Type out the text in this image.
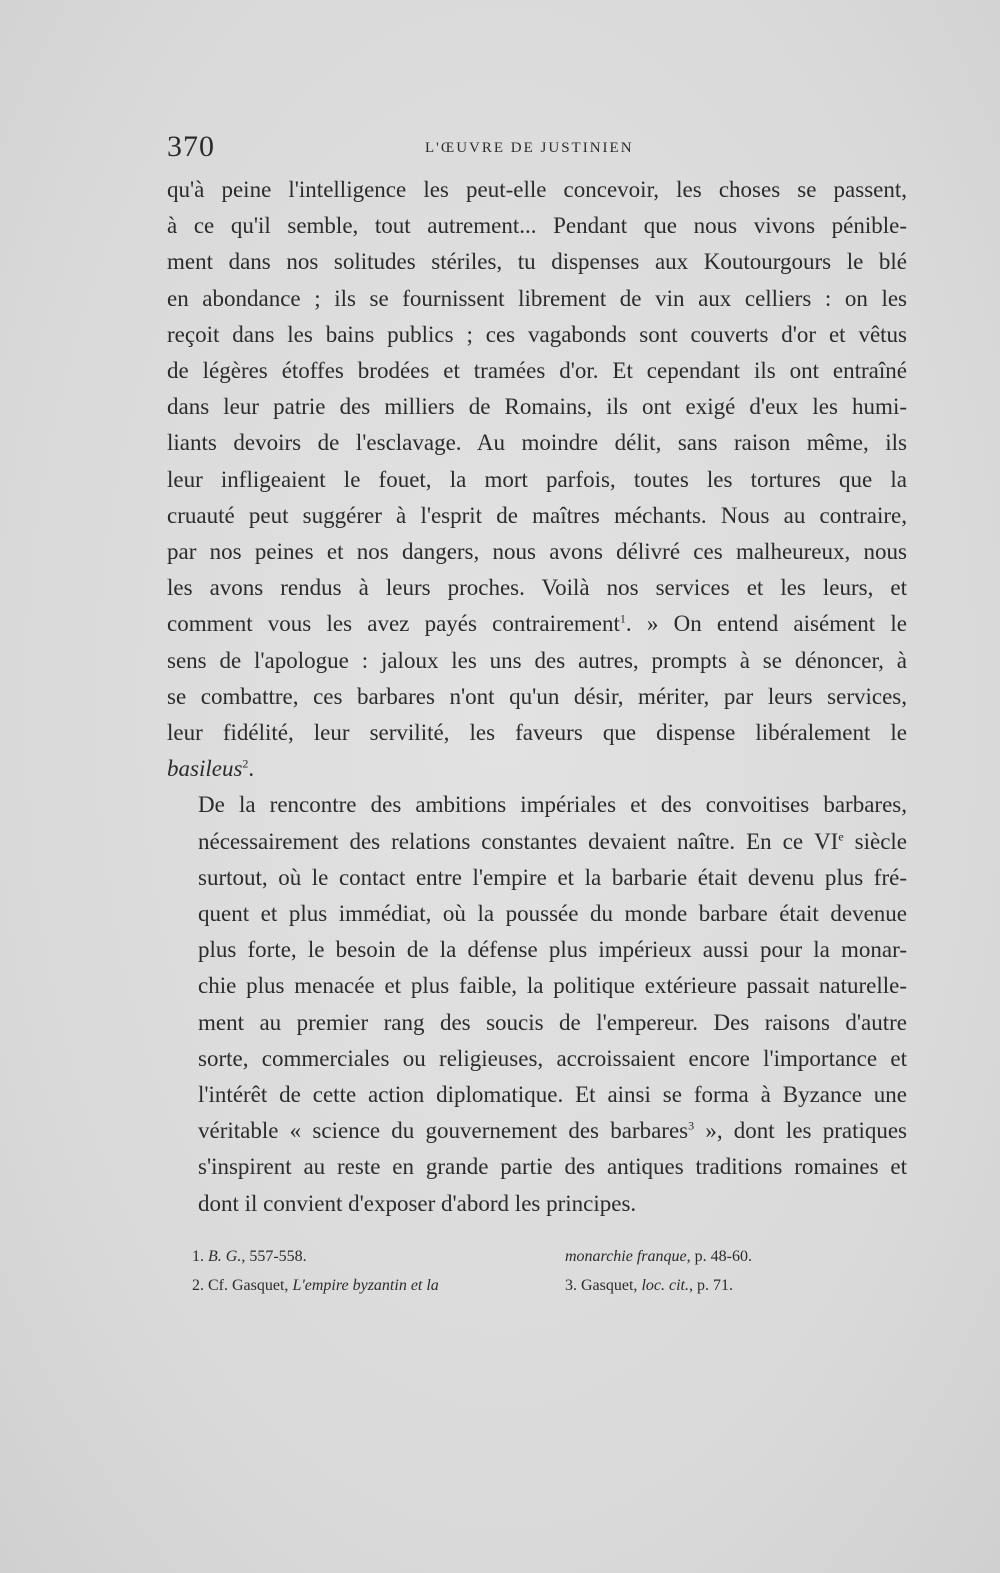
370	L'ŒUVRE DE JUSTINIEN

qu'à peine l'intelligence les peut-elle concevoir, les choses se passent,
à ce qu'il semble, tout autrement... Pendant que nous vivons pénible-
ment dans nos solitudes stériles, tu dispenses aux Koutourgours le blé
en abondance ; ils se fournissent librement de vin aux celliers : on les
reçoit dans les bains publics ; ces vagabonds sont couverts d'or et vêtus
de légères étoffes brodées et tramées d'or. Et cependant ils ont entraîné
dans leur patrie des milliers de Romains, ils ont exigé d'eux les humi-
liants devoirs de l'esclavage. Au moindre délit, sans raison même, ils
leur infligeaient le fouet, la mort parfois, toutes les tortures que la
cruauté peut suggérer à l'esprit de maîtres méchants. Nous au contraire,
par nos peines et nos dangers, nous avons délivré ces malheureux, nous
les avons rendus à leurs proches. Voilà nos services et les leurs, et
comment vous les avez payés contrairement$^1$. » On entend aisément le
sens de l'apologue : jaloux les uns des autres, prompts à se dénoncer, à
se combattre, ces barbares n'ont qu'un désir, mériter, par leurs services,
leur fidélité, leur servilité, les faveurs que dispense libéralement le
basileus$^2$.

De la rencontre des ambitions impériales et des convoitises barbares,
nécessairement des relations constantes devaient naître. En ce VIe siècle
surtout, où le contact entre l'empire et la barbarie était devenu plus fré-
quent et plus immédiat, où la poussée du monde barbare était devenue
plus forte, le besoin de la défense plus impérieux aussi pour la monar-
chie plus menacée et plus faible, la politique extérieure passait naturelle-
ment au premier rang des soucis de l'empereur. Des raisons d'autre
sorte, commerciales ou religieuses, accroissaient encore l'importance et
l'intérêt de cette action diplomatique. Et ainsi se forma à Byzance une
véritable « science du gouvernement des barbares$^3$ », dont les pratiques
s'inspirent au reste en grande partie des antiques traditions romaines et
dont il convient d'exposer d'abord les principes.

1. B. G., 557-558.
2. Cf. Gasquet, L'empire byzantin et la
monarchie franque, p. 48-60.
3. Gasquet, loc. cit., p. 71.
